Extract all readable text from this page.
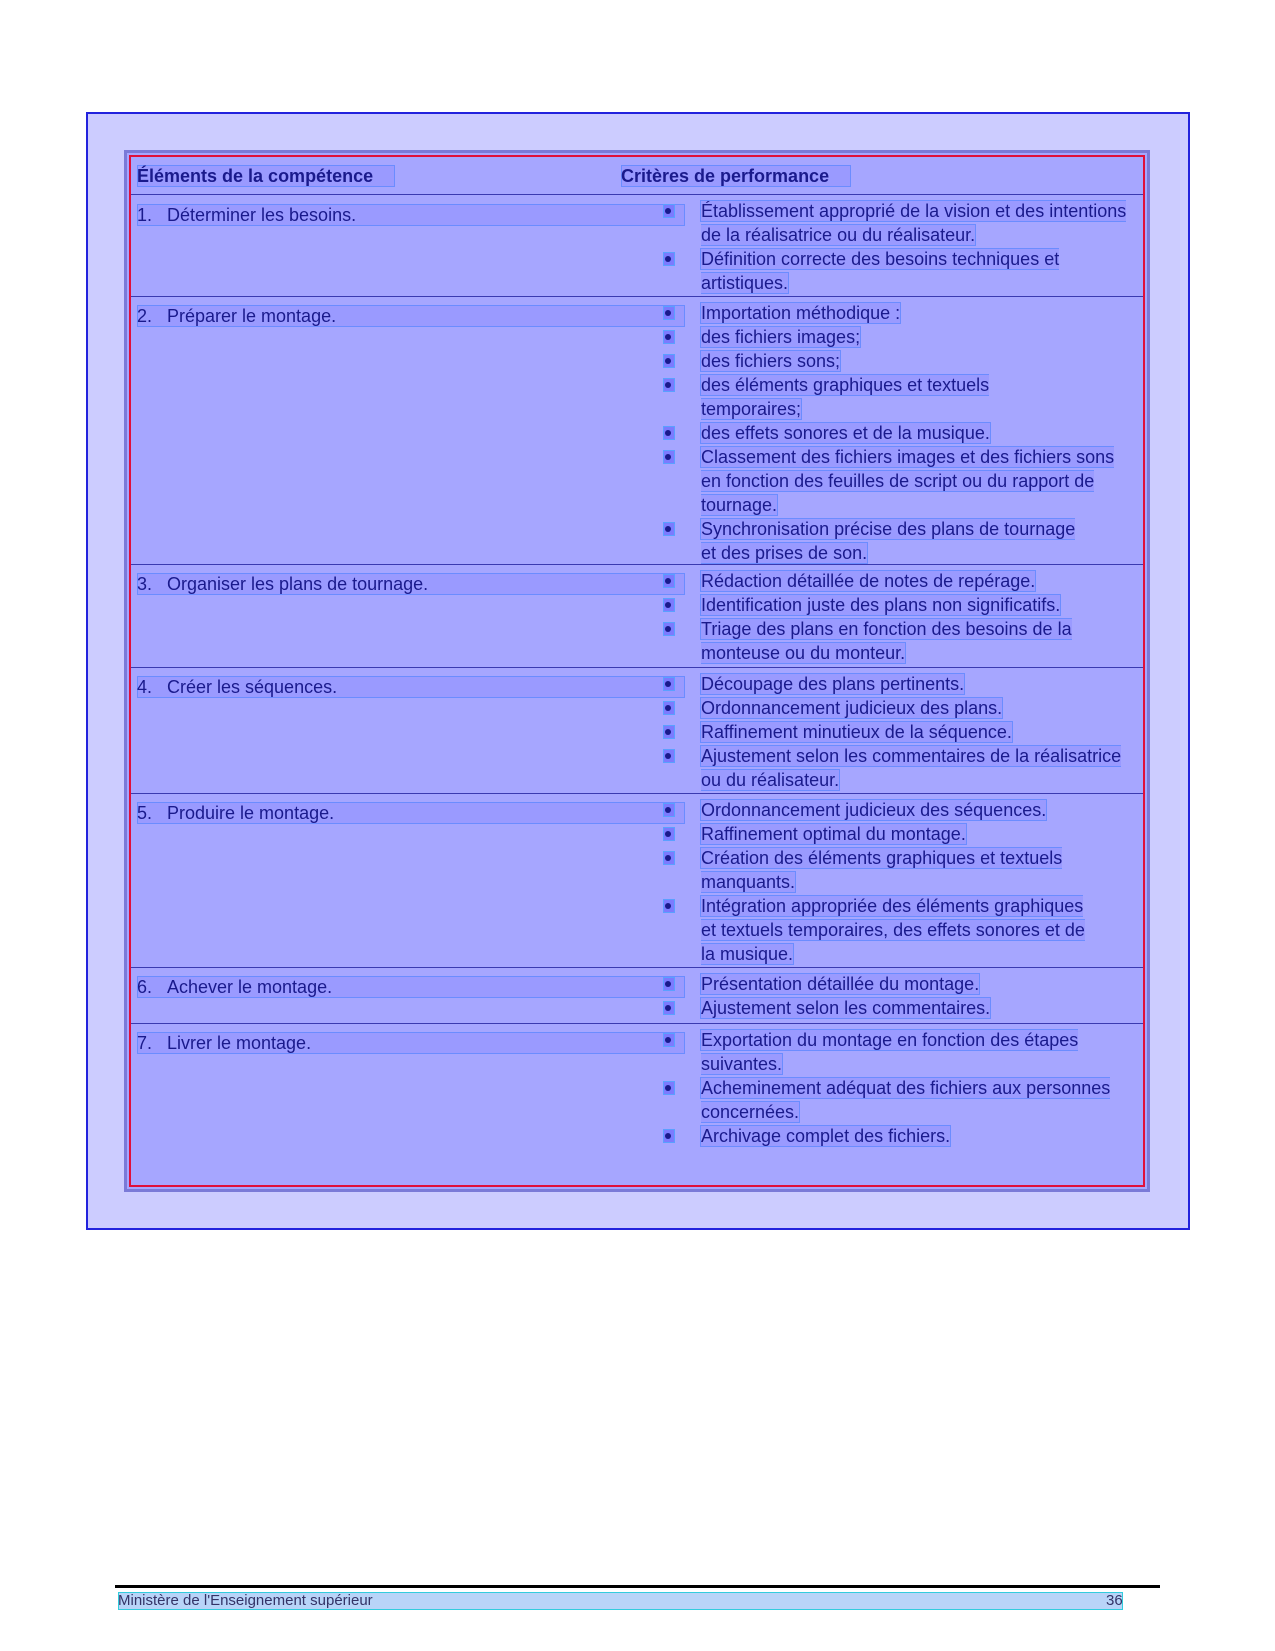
Éléments de la compétence	Critères de performance
1. Déterminer les besoins.	Établissement approprié de la vision et des intentions de la réalisatrice ou du réalisateur.
Définition correcte des besoins techniques et artistiques.
2. Préparer le montage.	Importation méthodique :
des fichiers images;
des fichiers sons;
des éléments graphiques et textuels temporaires;
des effets sonores et de la musique.
Classement des fichiers images et des fichiers sons en fonction des feuilles de script ou du rapport de tournage.
Synchronisation précise des plans de tournage et des prises de son.
3. Organiser les plans de tournage.	Rédaction détaillée de notes de repérage.
Identification juste des plans non significatifs.
Triage des plans en fonction des besoins de la monteuse ou du monteur.
4. Créer les séquences.	Découpage des plans pertinents.
Ordonnancement judicieux des plans.
Raffinement minutieux de la séquence.
Ajustement selon les commentaires de la réalisatrice ou du réalisateur.
5. Produire le montage.	Ordonnancement judicieux des séquences.
Raffinement optimal du montage.
Création des éléments graphiques et textuels manquants.
Intégration appropriée des éléments graphiques et textuels temporaires, des effets sonores et de la musique.
6. Achever le montage.	Présentation détaillée du montage.
Ajustement selon les commentaires.
7. Livrer le montage.	Exportation du montage en fonction des étapes suivantes.
Acheminement adéquat des fichiers aux personnes concernées.
Archivage complet des fichiers.
Ministère de l'Enseignement supérieur	36
